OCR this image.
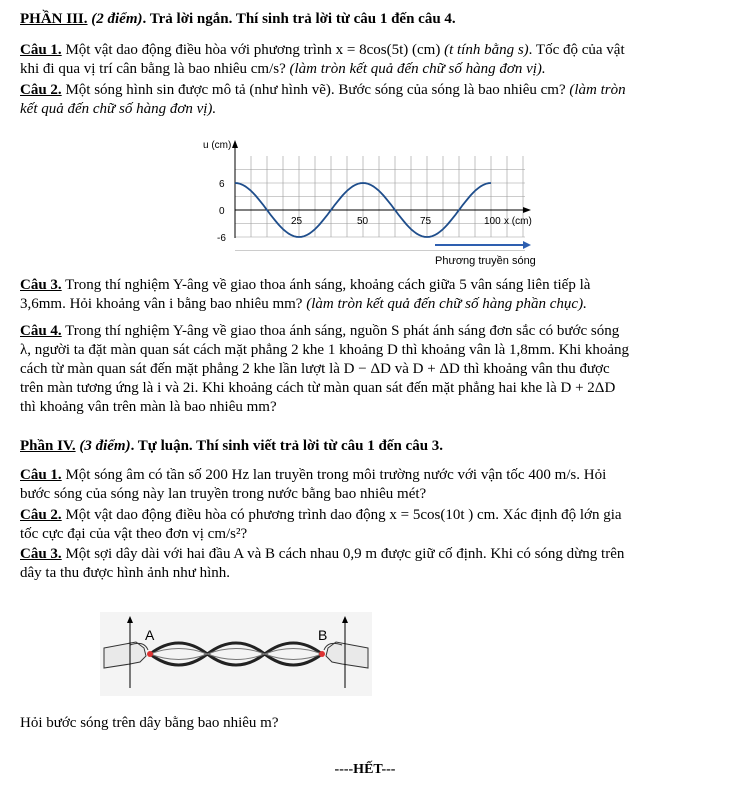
PHẦN III. (2 điểm). Trả lời ngắn. Thí sinh trả lời từ câu 1 đến câu 4.
Câu 1. Một vật dao động điều hòa với phương trình x = 8cos(5t) (cm) (t tính bằng s). Tốc độ của vật
khi đi qua vị trí cân bằng là bao nhiêu cm/s? (làm tròn kết quả đến chữ số hàng đơn vị).
Câu 2. Một sóng hình sin được mô tả (như hình vẽ). Bước sóng của sóng là bao nhiêu cm? (làm tròn
kết quả đến chữ số hàng đơn vị).
u (cm)
6
0
-6
25	50	75	100 x (cm)
Phương truyền sóng
Câu 3. Trong thí nghiệm Y-âng về giao thoa ánh sáng, khoảng cách giữa 5 vân sáng liên tiếp là
3,6mm. Hỏi khoảng vân i bằng bao nhiêu mm? (làm tròn kết quả đến chữ số hàng phần chục).
Câu 4. Trong thí nghiệm Y-âng về giao thoa ánh sáng, nguồn S phát ánh sáng đơn sắc có bước sóng
λ, người ta đặt màn quan sát cách mặt phẳng 2 khe 1 khoảng D thì khoảng vân là 1,8mm. Khi khoảng
cách từ màn quan sát đến mặt phẳng 2 khe lần lượt là D − ΔD và D + ΔD thì khoảng vân thu được
trên màn tương ứng là i và 2i. Khi khoảng cách từ màn quan sát đến mặt phẳng hai khe là D + 2ΔD
thì khoảng vân trên màn là bao nhiêu mm?
Phần IV. (3 điểm). Tự luận. Thí sinh viết trả lời từ câu 1 đến câu 3.
Câu 1. Một sóng âm có tần số 200 Hz lan truyền trong môi trường nước với vận tốc 400 m/s. Hỏi
bước sóng của sóng này lan truyền trong nước bằng bao nhiêu mét?
Câu 2. Một vật dao động điều hòa có phương trình dao động x = 5cos(10t ) cm. Xác định độ lớn gia
tốc cực đại của vật theo đơn vị cm/s²?
Câu 3. Một sợi dây dài với hai đầu A và B cách nhau 0,9 m được giữ cố định. Khi có sóng dừng trên
dây ta thu được hình ảnh như hình.
A	B
Hỏi bước sóng trên dây bằng bao nhiêu m?
----HẾT---
